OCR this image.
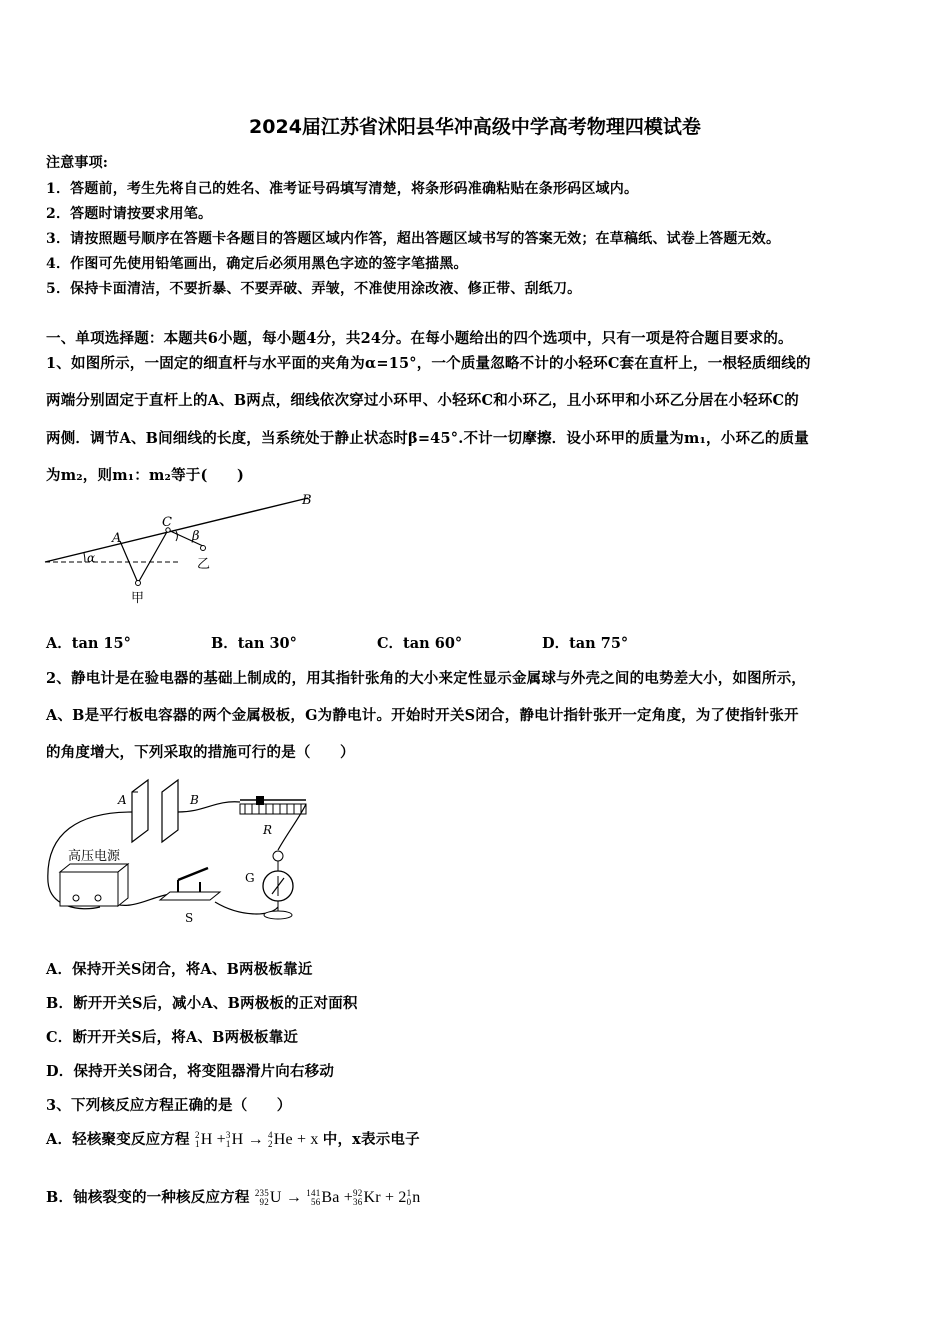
2024届江苏省沭阳县华冲高级中学高考物理四模试卷
注意事项:
1．答题前，考生先将自己的姓名、准考证号码填写清楚，将条形码准确粘贴在条形码区域内。
2．答题时请按要求用笔。
3．请按照题号顺序在答题卡各题目的答题区域内作答，超出答题区域书写的答案无效；在草稿纸、试卷上答题无效。
4．作图可先使用铅笔画出，确定后必须用黑色字迹的签字笔描黑。
5．保持卡面清洁，不要折暴、不要弄破、弄皱，不准使用涂改液、修正带、刮纸刀。
一、单项选择题：本题共6小题，每小题4分，共24分。在每小题给出的四个选项中，只有一项是符合题目要求的。
1、如图所示，一固定的细直杆与水平面的夹角为α=15°，一个质量忽略不计的小轻环C套在直杆上，一根轻质细线的
两端分别固定于直杆上的A、B两点，细线依次穿过小环甲、小轻环C和小环乙，且小环甲和小环乙分居在小轻环C的
两侧．调节A、B间细线的长度，当系统处于静止状态时β=45°.不计一切摩擦．设小环甲的质量为m₁，小环乙的质量
为m₂，则m₁：m₂等于(　　)
A
C
B
α
β
甲
乙
A．tan 15°	B．tan 30°	C．tan 60°	D．tan 75°
2、静电计是在验电器的基础上制成的，用其指针张角的大小来定性显示金属球与外壳之间的电势差大小，如图所示，
A、B是平行板电容器的两个金属极板，G为静电计。开始时开关S闭合，静电计指针张开一定角度，为了使指针张开
的角度增大，下列采取的措施可行的是（　　）
A	B
R
高压电源
S
G
A．保持开关S闭合，将A、B两极板靠近
B．断开开关S后，减小A、B两极板的正对面积
C．断开开关S后，将A、B两极板靠近
D．保持开关S闭合，将变阻器滑片向右移动
3、下列核反应方程正确的是（　　）
A．轻核聚变反应方程 2
1 H + 3
1 H → 4
2 He + x 中，x表示电子
B．铀核裂变的一种核反应方程 235
92 U → 141
56 Ba + 92
36 Kr + 2 1
0 n
